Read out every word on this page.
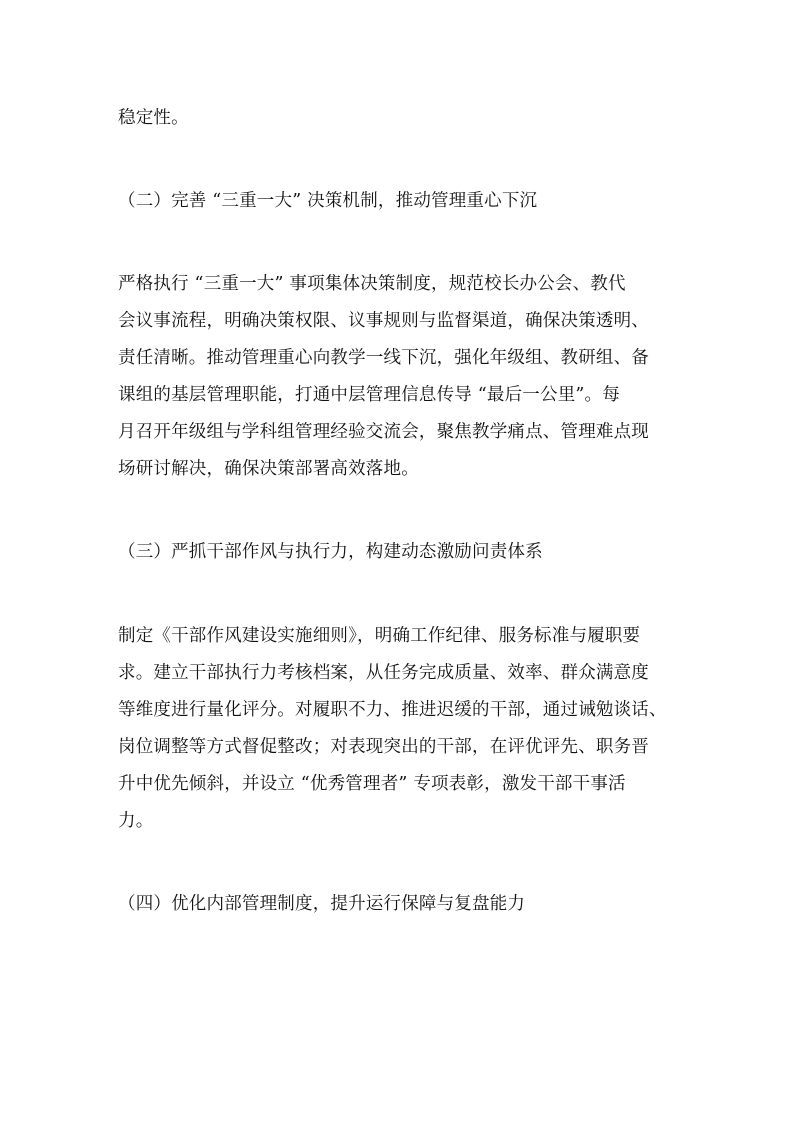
稳定性。
（二）完善 “三重一大” 决策机制，推动管理重心下沉
严格执行 “三重一大” 事项集体决策制度，规范校长办公会、教代
会议事流程，明确决策权限、议事规则与监督渠道，确保决策透明、
责任清晰。推动管理重心向教学一线下沉，强化年级组、教研组、备
课组的基层管理职能，打通中层管理信息传导 “最后一公里”。每
月召开年级组与学科组管理经验交流会，聚焦教学痛点、管理难点现
场研讨解决，确保决策部署高效落地。
（三）严抓干部作风与执行力，构建动态激励问责体系
制定《干部作风建设实施细则》，明确工作纪律、服务标准与履职要
求。建立干部执行力考核档案，从任务完成质量、效率、群众满意度
等维度进行量化评分。对履职不力、推进迟缓的干部，通过诫勉谈话、
岗位调整等方式督促整改；对表现突出的干部，在评优评先、职务晋
升中优先倾斜，并设立 “优秀管理者” 专项表彰，激发干部干事活
力。
（四）优化内部管理制度，提升运行保障与复盘能力
